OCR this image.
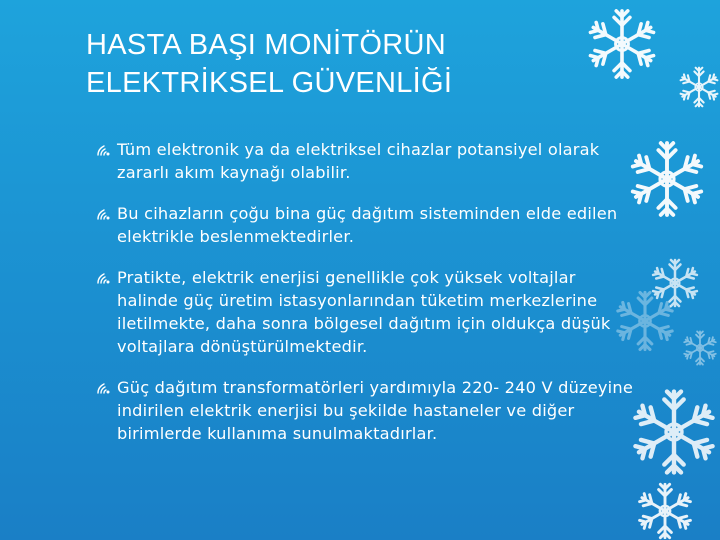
HASTA BAŞI MONİTÖRÜN
ELEKTRİKSEL GÜVENLİĞİ
Tüm elektronik ya da elektriksel cihazlar potansiyel olarak zararlı akım kaynağı olabilir.
Bu cihazların çoğu bina güç dağıtım sisteminden elde edilen elektrikle beslenmektedirler.
Pratikte, elektrik enerjisi genellikle çok yüksek voltajlar halinde güç üretim istasyonlarından tüketim merkezlerine iletilmekte, daha sonra bölgesel dağıtım için oldukça düşük voltajlara dönüştürülmektedir.
Güç dağıtım transformatörleri yardımıyla 220- 240 V düzeyine indirilen elektrik enerjisi bu şekilde hastaneler ve diğer birimlerde kullanıma sunulmaktadırlar.
